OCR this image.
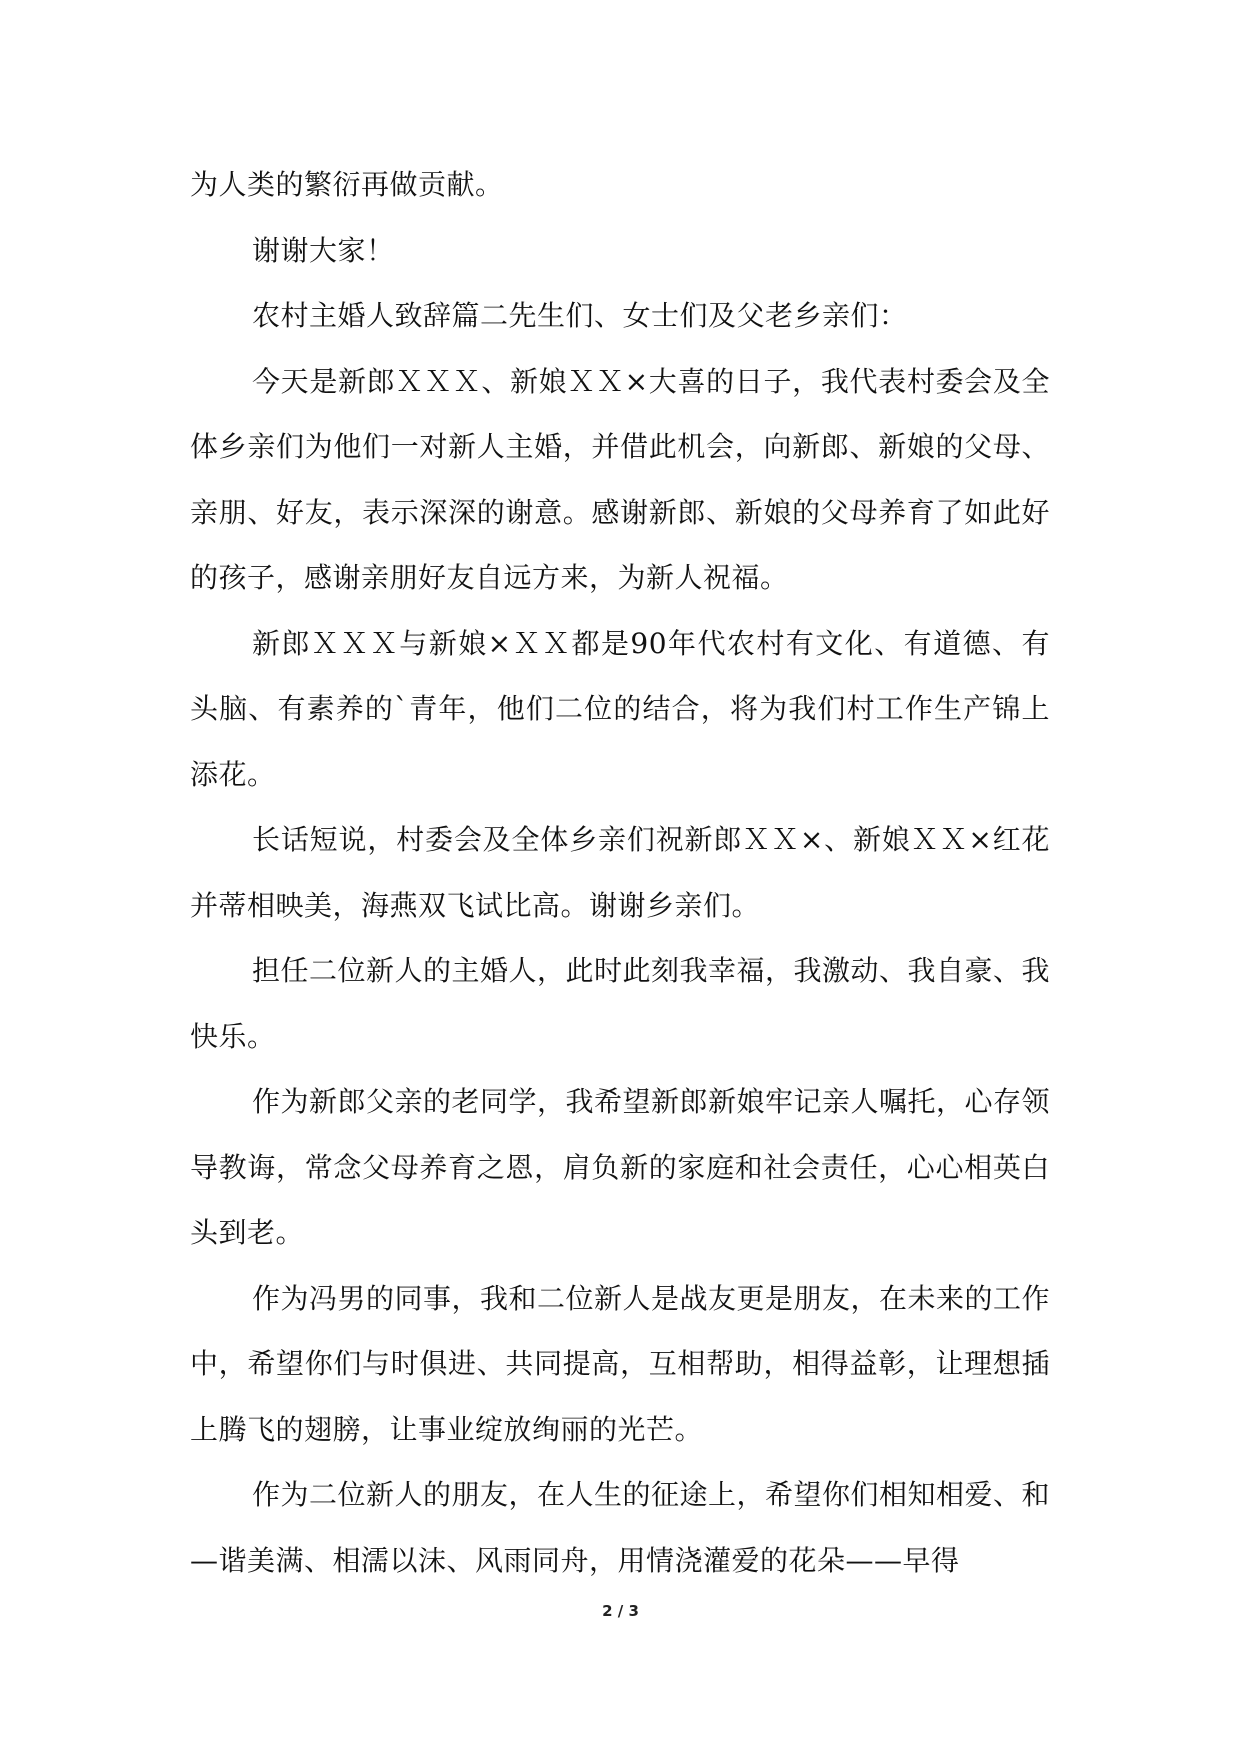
为人类的繁衍再做贡献。

谢谢大家！

农村主婚人致辞篇二先生们、女士们及父老乡亲们：

今天是新郎ＸＸＸ、新娘ＸＸ×大喜的日子，我代表村委会及全体乡亲们为他们一对新人主婚，并借此机会，向新郎、新娘的父母、亲朋、好友，表示深深的谢意。感谢新郎、新娘的父母养育了如此好的孩子，感谢亲朋好友自远方来，为新人祝福。

新郎ＸＸＸ与新娘×ＸＸ都是90年代农村有文化、有道德、有头脑、有素养的`青年，他们二位的结合，将为我们村工作生产锦上添花。

长话短说，村委会及全体乡亲们祝新郎ＸＸ×、新娘ＸＸ×红花并蒂相映美，海燕双飞试比高。谢谢乡亲们。

担任二位新人的主婚人，此时此刻我幸福，我激动、我自豪、我快乐。

作为新郎父亲的老同学，我希望新郎新娘牢记亲人嘱托，心存领导教诲，常念父母养育之恩，肩负新的家庭和社会责任，心心相英白头到老。

作为冯男的同事，我和二位新人是战友更是朋友，在未来的工作中，希望你们与时俱进、共同提高，互相帮助，相得益彰，让理想插上腾飞的翅膀，让事业绽放绚丽的光芒。

作为二位新人的朋友，在人生的征途上，希望你们相知相爱、和—谐美满、相濡以沫、风雨同舟，用情浇灌爱的花朵——早得

2 / 3
